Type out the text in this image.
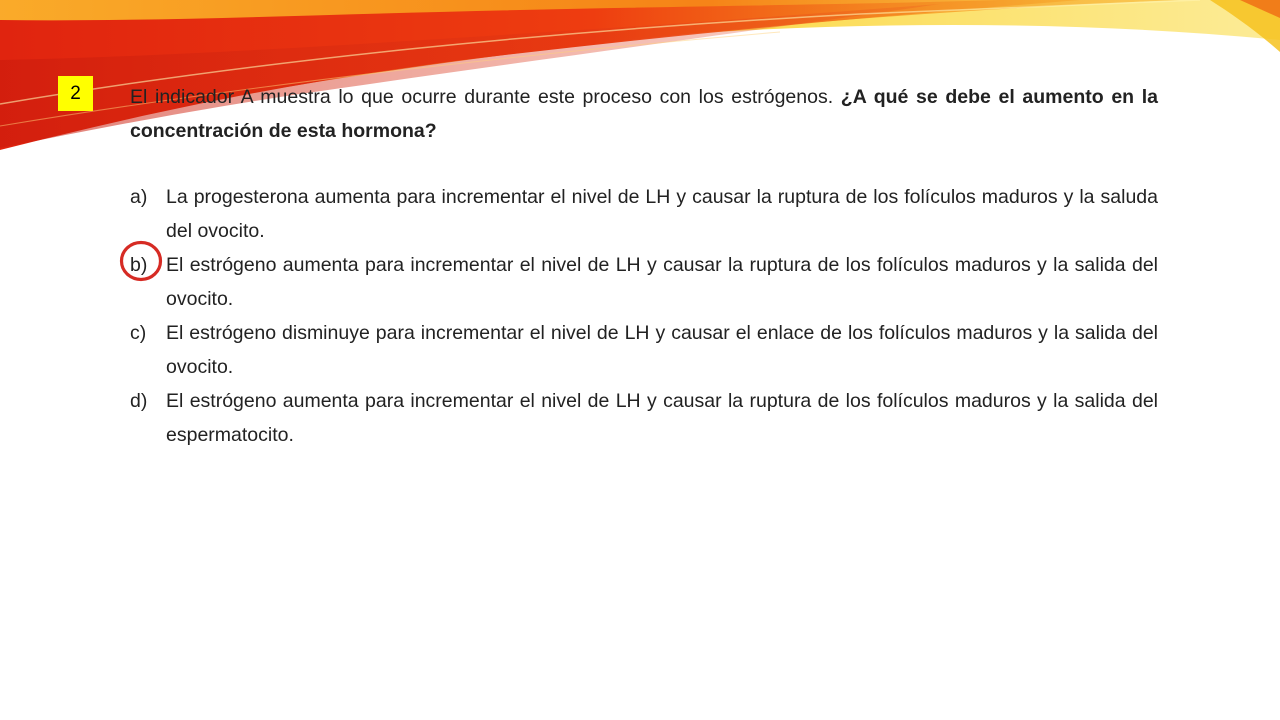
2	El indicador A muestra lo que ocurre durante este proceso con los estrógenos. ¿A qué se debe el aumento en la concentración de esta hormona?

a) La progesterona aumenta para incrementar el nivel de LH y causar la ruptura de los folículos maduros y la saluda del ovocito.
b) El estrógeno aumenta para incrementar el nivel de LH y causar la ruptura de los folículos maduros y la salida del ovocito.
c)	El estrógeno disminuye para incrementar el nivel de LH y causar el enlace de los folículos maduros y la salida del ovocito.
d) El estrógeno aumenta para incrementar el nivel de LH y causar la ruptura de los folículos maduros y la salida del espermatocito.
